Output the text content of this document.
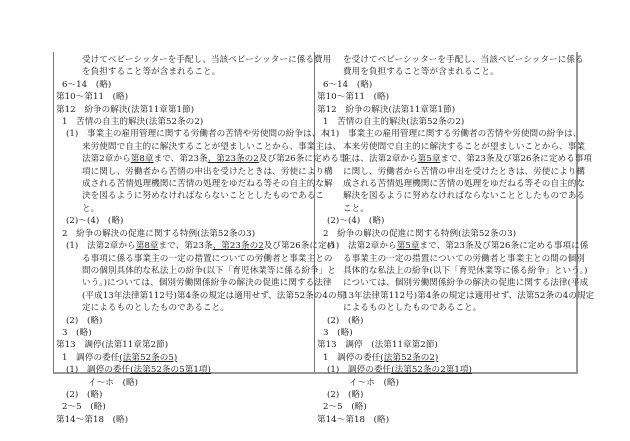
受けてベビーシッターを手配し、当該ベビーシッターに係る費用
を負担すること等が含まれること。
6～14　(略)
第10～第11　(略)
第12　紛争の解決(法第11章第1節)
1　苦情の自主的解決(法第52条の2)
(1)　事業主の雇用管理に関する労働者の苦情や労使間の紛争は、本
来労使間で自主的に解決することが望ましいことから、事業主は、
法第2章から第8章まで、第23条、第23条の2及び第26条に定める事
項に関し、労働者から苦情の申出を受けたときは、労使により構
成される苦情処理機関に苦情の処理をゆだねる等その自主的な解
決を図るように努めなければならないこととしたものであるこ
と。
(2)～(4)　(略)
2　紛争の解決の促進に関する特例(法第52条の3)
(1)　法第2章から第8章まで、第23条、第23条の2及び第26条に定め
る事項に係る事業主の一定の措置についての労働者と事業主との
間の個別具体的な私法上の紛争(以下「育児休業等に係る紛争」と
いう。)については、個別労働関係紛争の解決の促進に関する法律
(平成13年法律第112号)第4条の規定は適用せず、法第52条の4の規
定によるものとしたものであること。
(2)　(略)
3　(略)
第13　調停(法第11章第2節)
1　調停の委任(法第52条の5)
(1)　調停の委任(法第52条の5第1項)
イ～ホ　(略)
(2)　(略)
2～5　(略)
第14～第18　(略)
を受けてベビーシッターを手配し、当該ベビーシッターに係る
費用を負担すること等が含まれること。
6～14　(略)
第10～第11　(略)
第12　紛争の解決(法第11章第1節)
1　苦情の自主的解決(法第52条の2)
(1)　事業主の雇用管理に関する労働者の苦情や労使間の紛争は、
本来労使間で自主的に解決することが望ましいことから、事業
主は、法第2章から第5章まで、第23条及び第26条に定める事項
に関し、労働者から苦情の申出を受けたときは、労使により構
成される苦情処理機関に苦情の処理をゆだねる等その自主的な
解決を図るように努めなければならないこととしたものである
こと。
(2)～(4)　(略)
2　紛争の解決の促進に関する特例(法第52条の3)
(1)　法第2章から第5章まで、第23条及び第26条に定める事項に係
る事業主の一定の措置についての労働者と事業主との間の個別
具体的な私法上の紛争(以下「育児休業等に係る紛争」という。)
については、個別労働関係紛争の解決の促進に関する法律(平成
13年法律第112号)第4条の規定は適用せず、法第52条の4の規定
によるものとしたものであること。
(2)　(略)
3　(略)
第13　調停　(法第11章第2節)
1　調停の委任(法第52条の2)
(1)　調停の委任(法第52条の2第1項)
イ～ホ　(略)
(2)　(略)
2～5　(略)
第14～第18　(略)
